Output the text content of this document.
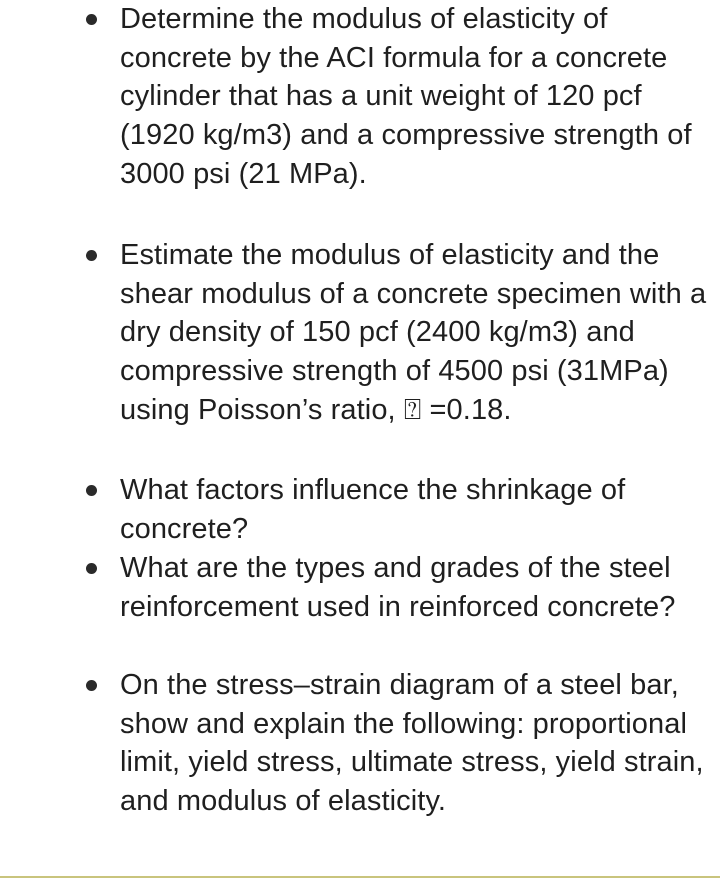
Determine the modulus of elasticity of concrete by the ACI formula for a concrete cylinder that has a unit weight of 120 pcf (1920 kg/m3) and a compressive strength of 3000 psi (21 MPa).
Estimate the modulus of elasticity and the shear modulus of a concrete specimen with a dry density of 150 pcf (2400 kg/m3) and compressive strength of 4500 psi (31MPa) using Poisson’s ratio, ⍰ =0.18.
What factors influence the shrinkage of concrete?
What are the types and grades of the steel reinforcement used in reinforced concrete?
On the stress–strain diagram of a steel bar, show and explain the following: proportional limit, yield stress, ultimate stress, yield strain, and modulus of elasticity.
